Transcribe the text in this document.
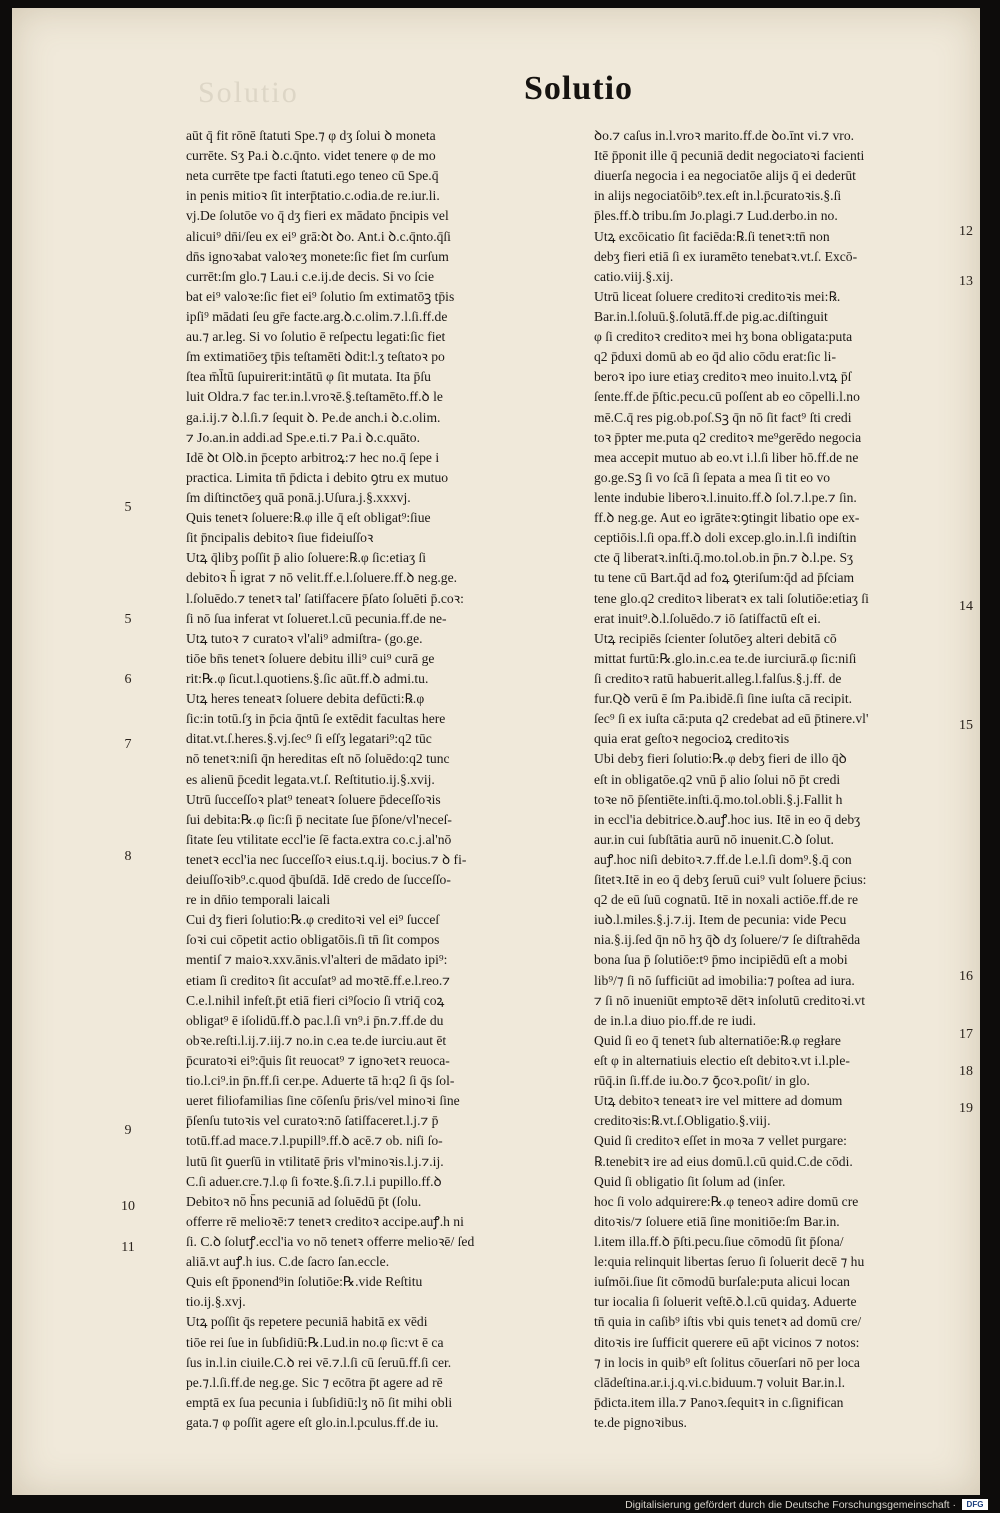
Solutio	Solutio
aūt q̄ fit rōnē ſtatuti Spe.⁊ φ dʒ ſolui ꝺ moneta
currēte. Sʒ Pa.i ꝺ.c.q̄nto. videt tenere φ de mo
neta currēte tpe facti ſtatuti.ego teneo cū Spe.q̄
in penis mitioꝛ ſit interp̄tatio.c.odia.de re.iur.li.
vj.De ſolutōe vo q̄ dʒ fieri ex mādato p̄ncipis vel
alicui⁹ dn̄i/ſeu ex ei⁹ grā:ꝺt ꝺo. Ant.i ꝺ.c.q̄nto.q̄ſi
dn̄s ignoꝛabat valoꝛeʒ monete:ſic fiet ſm curſum
currēt:ſm glo.⁊ Lau.i c.e.ij.de decis. Si vo ſcie
bat ei⁹ valoꝛe:ſic fiet ei⁹ ſolutio ſm extimatōꝫ tp̄is
ipſi⁹ mādati ſeu gr̄e facte.arg.ꝺ.c.olim.⁊.l.ſi.ff.de
au.⁊ ar.leg. Si vo ſolutio ē reſpectu legati:ſic fiet
ſm extimatiōeʒ tp̄is teſtamēti ꝺdit:l.ʒ teſtatoꝛ po
ſtea m̄l̄tū ſupuirerit:intātū φ ſit mutata. Ita p̄ſu
luit Oldra.⁊ fac ter.in.l.vroꝛē.§.teſtamēto.ff.ꝺ le
ga.i.ij.⁊ ꝺ.l.ſi.⁊ ſequit ꝺ. Pe.de anch.i ꝺ.c.olim.
⁊ Jo.an.in addi.ad Spe.e.ti.⁊ Pa.i ꝺ.c.quāto.
Idē ꝺt Olꝺ.in p̄cepto arbitroꝝ:⁊ hec no.q̄ ſepe i
practica. Limita tn̄ p̄dicta i debito ꝯtru ex mutuo
ſm diſtinctōeʒ quā ponā.j.Uſura.j.§.xxxvj.
Quis tenetꝛ ſoluere:℞.φ ille q̄ eſt obligat⁹:ſiue
ſit p̄ncipalis debitoꝛ ſiue fideiuſſoꝛ
Utꝝ q̄libʒ poſſit p̄ alio ſoluere:℞.φ ſic:etiaʒ ſi
debitoꝛ h̄ igrat ⁊ nō velit.ff.e.l.ſoluere.ff.ꝺ neg.ge.
l.ſoluēdo.⁊ tenetꝛ tal' ſatiſfacere p̄ſato ſoluēti p̄.coꝛ:
ſi nō ſua inferat vt ſolueret.l.cū pecunia.ff.de ne-
Utꝝ tutoꝛ ⁊ curatoꝛ vl'ali⁹ admiſtra- (go.ge.
tiōe bn̄s tenetꝛ ſoluere debitu illi⁹ cui⁹ curā ge
rit:℞.φ ſicut.l.quotiens.§.ſic aūt.ff.ꝺ admi.tu.
Utꝝ heres teneatꝛ ſoluere debita defūcti:℞.φ
ſic:in totū.ſʒ in p̄cia q̄ntū ſe extēdit facultas here
ditat.vt.ſ.heres.§.vj.ſec⁹ ſi eſſʒ legatari⁹:q2 tūc
nō tenetꝛ:niſi q̄n hereditas eſt nō ſoluēdo:q2 tunc
es alienū p̄cedit legata.vt.ſ. Reſtitutio.ij.§.xvij.
Utrū ſucceſſoꝛ plat⁹ teneatꝛ ſoluere p̄deceſſoꝛis
ſui debita:℞.φ ſic:ſi p̄ necitate ſue p̄ſone/vl'neceſ-
ſitate ſeu vtilitate eccl'ie ſē facta.extra co.c.j.al'nō
tenetꝛ eccl'ia nec ſucceſſoꝛ eius.t.q.ij. bocius.⁊ ꝺ fi-
deiuſſoꝛib⁹.c.quod q̄buſdā. Idē credo de ſucceſſo-
re in dn̄io temporali laicali
Cui dʒ fieri ſolutio:℞.φ creditoꝛi vel ei⁹ ſucceſ
ſoꝛi cui cōpetit actio obligatōis.ſi tn̄ ſit compos
mentiſ ⁊ maioꝛ.xxv.ānis.vl'alteri de mādato ipi⁹:
etiam ſi creditoꝛ ſit accuſat⁹ ad moꝛtē.ff.e.l.reo.⁊
C.e.l.nihil infeſt.p̄t etiā fieri ci⁹ſocio ſi vtriq̄ coꝝ
obligat⁹ ē iſolidū.ff.ꝺ pac.l.ſi vn⁹.i p̄n.⁊.ff.de du
obꝛe.reſti.l.ij.⁊.iij.⁊ no.in c.ea te.de iurciu.aut ēt
p̄curatoꝛi ei⁹:q̄uis ſit reuocat⁹ ⁊ ignoꝛetꝛ reuoca-
tio.l.ci⁹.in p̄n.ff.ſi cer.pe. Aduerte tā h:q2 ſi q̄s ſol-
ueret filiofamilias ſine cōſenſu p̄ris/vel minoꝛi ſine
p̄ſenſu tutoꝛis vel curatoꝛ:nō ſatiſfaceret.l.j.⁊ p̄
totū.ff.ad mace.⁊.l.pupill⁹.ff.ꝺ acē.⁊ ob. niſi ſo-
lutū ſit ꝯuerſū in vtilitatē p̄ris vl'minoꝛis.l.j.⁊.ij.
C.ſi aduer.cre.⁊.l.φ ſi foꝛte.§.ſi.⁊.l.i pupillo.ff.ꝺ
Debitoꝛ nō h̄ns pecuniā ad ſoluēdū p̄t (ſolu.
offerre rē melioꝛē:⁊ tenetꝛ creditoꝛ accipe.auꝭ.h ni
ſi. C.ꝺ ſolutꝭ.eccl'ia vo nō tenetꝛ offerre melioꝛē/ ſed
aliā.vt auꝭ.h ius. C.de ſacro ſan.eccle.
Quis eſt p̄ponend⁹in ſolutiōe:℞.vide Reſtitu
tio.ij.§.xvj.
Utꝝ poſſit q̄s repetere pecuniā habitā ex vēdi
tiōe rei ſue in ſubſidiū:℞.Lud.in no.φ ſic:vt ē ca
ſus in.l.in ciuile.C.ꝺ rei vē.⁊.l.ſi cū ſeruū.ff.ſi cer.
pe.⁊.l.ſi.ff.de neg.ge. Sic ⁊ ecōtra p̄t agere ad rē
emptā ex ſua pecunia i ſubſidiū:lʒ nō ſit mihi obli
gata.⁊ φ poſſit agere eſt glo.in.l.pculus.ff.de iu.
ꝺo.⁊ caſus in.l.vroꝛ marito.ff.de ꝺo.īnt vi.⁊ vro.
Itē p̄ponit ille q̄ pecuniā dedit negociatoꝛi facienti
diuerſa negocia i ea negociatōe alijs q̄ ei dederūt
in alijs negociatōib⁹.tex.eſt in.l.p̄curatoꝛis.§.ſi
p̄les.ff.ꝺ tribu.ſm Jo.plagi.⁊ Lud.derbo.in no.
Utꝝ excōicatio ſit faciēda:℞.ſi tenetꝛ:tn̄ non
debʒ fieri etiā ſi ex iuramēto tenebatꝛ.vt.ſ. Excō-
catio.viij.§.xij.
Utrū liceat ſoluere creditoꝛi creditoꝛis mei:℞.
Bar.in.l.ſoluū.§.ſolutā.ff.de pig.ac.diſtinguit
φ ſi creditoꝛ creditoꝛ mei hʒ bona obligata:puta
q2 p̄duxi domū ab eo q̄d alio cōdu erat:ſic li-
beroꝛ ipo iure etiaʒ creditoꝛ meo inuito.l.vtꝝ p̄ſ
ſente.ff.de p̄ſtic.pecu.cū poſſent ab eo cōpelli.l.no
mē.C.q̄ res pig.ob.poſ.Sꝫ q̄n nō ſit fact⁹ ſti credi
toꝛ p̄pter me.puta q2 creditoꝛ me⁹gerēdo negocia
mea accepit mutuo ab eo.vt i.l.ſi liber hō.ff.de ne
go.ge.Sꝫ ſi vo ſcā ſi ſepata a mea ſi tit eo vo
lente indubie liberoꝛ.l.inuito.ff.ꝺ ſol.⁊.l.pe.⁊ ſin.
ff.ꝺ neg.ge. Aut eo igrāteꝛ:ꝯtingit libatio ope ex-
ceptiōis.l.ſi opa.ff.ꝺ doli excep.glo.in.l.ſi indiſtin
cte q̄ liberatꝛ.inſti.q̄.mo.tol.ob.in p̄n.⁊ ꝺ.l.pe. Sʒ
tu tene cū Bart.q̄d ad foꝝ ꝯteriſum:q̄d ad p̄ſciam
tene glo.q2 creditoꝛ liberatꝛ ex tali ſolutiōe:etiaʒ ſi
erat inuit⁹.ꝺ.l.ſoluēdo.⁊ iō ſatiſfactū eſt ei.
Utꝝ recipiēs ſcienter ſolutōeʒ alteri debitā cō
mittat furtū:℞.glo.in.c.ea te.de iurciurā.φ ſic:niſi
ſi creditoꝛ ratū habuerit.alleg.l.falſus.§.j.ff. de
fur.Qꝺ verū ē ſm Pa.ibidē.ſi ſine iuſta cā recipit.
ſec⁹ ſi ex iuſta cā:puta q2 credebat ad eū p̄tinere.vl'
quia erat geſtoꝛ negocioꝝ creditoꝛis
Ubi debʒ fieri ſolutio:℞.φ debʒ fieri de illo q̄ꝺ
eſt in obligatōe.q2 vnū p̄ alio ſolui nō p̄t credi
toꝛe nō p̄ſentiēte.inſti.q̄.mo.tol.obli.§.j.Fallit h
in eccl'ia debitrice.ꝺ.auꝭ.hoc ius. Itē in eo q̄ debʒ
aur.in cui ſubſtātia aurū nō inuenit.C.ꝺ ſolut.
auꝭ.hoc niſi debitoꝛ.⁊.ff.de l.e.l.ſi dom⁹.§.q̄ con
ſitetꝛ.Itē in eo q̄ debʒ ſeruū cui⁹ vult ſoluere p̄cius:
q2 de eū ſuū cognatū. Itē in noxali actiōe.ff.de re
iuꝺ.l.miles.§.j.⁊.ij. Item de pecunia: vide Pecu
nia.§.ij.ſed q̄n nō hʒ q̄ꝺ dʒ ſoluere/⁊ ſe diſtrahēda
bona ſua p̄ ſolutiōe:tꝰ p̄mo incipiēdū eſt a mobi
lib⁹/⁊ ſi nō ſufficiūt ad imobilia:⁊ poſtea ad iura.
⁊ ſi nō inueniūt emptoꝛē dētꝛ inſolutū creditoꝛi.vt
de in.l.a diuo pio.ff.de re iudi.
Quid ſi eo q̄ tenetꝛ ſub alternatiōe:℞.φ regłare
eſt φ in alternatiuis electio eſt debitoꝛ.vt i.l.ple-
rūq̄.in ſi.ff.de iu.ꝺo.⁊ ꝯ̄coꝛ.poſit/ in glo.
Utꝝ debitoꝛ teneatꝛ ire vel mittere ad domum
creditoꝛis:℞.vt.ſ.Obligatio.§.viij.
Quid ſi creditoꝛ eſſet in moꝛa ⁊ vellet purgare:
℞.tenebitꝛ ire ad eius domū.l.cū quid.C.de cōdi.
Quid ſi obligatio ſit ſolum ad (inſer.
hoc ſi volo adquirere:℞.φ teneoꝛ adire domū cre
ditoꝛis/⁊ ſoluere etiā ſine monitiōe:ſm Bar.in.
l.item illa.ff.ꝺ p̄ſti.pecu.ſiue cōmodū ſit p̄ſona/
le:quia relinquit libertas ſeruo ſi ſoluerit decē ⁊ hu
iuſmōi.ſiue ſit cōmodū burſale:puta alicui locan
tur iocalia ſi ſoluerit veſtē.ꝺ.l.cū quidaʒ. Aduerte
tn̄ quia in caſib⁹ iſtis vbi quis tenetꝛ ad domū cre/
ditoꝛis ire ſufficit querere eū ap̄t vicinos ⁊ notos:
⁊ in locis in quib⁹ eſt ſolitus cōuerſari nō per loca
clādeſtina.ar.i.j.q.vi.c.biduum.⁊ voluit Bar.in.l.
p̄dicta.item illa.⁊ Panoꝛ.ſequitꝛ in c.ſignifican
te.de pignoꝛibus.
5
5
6
7
8
9
10
11
12
13
14
15
16
17
18
19
Digitalisierung gefördert durch die Deutsche Forschungsgemeinschaft ·	DFG
